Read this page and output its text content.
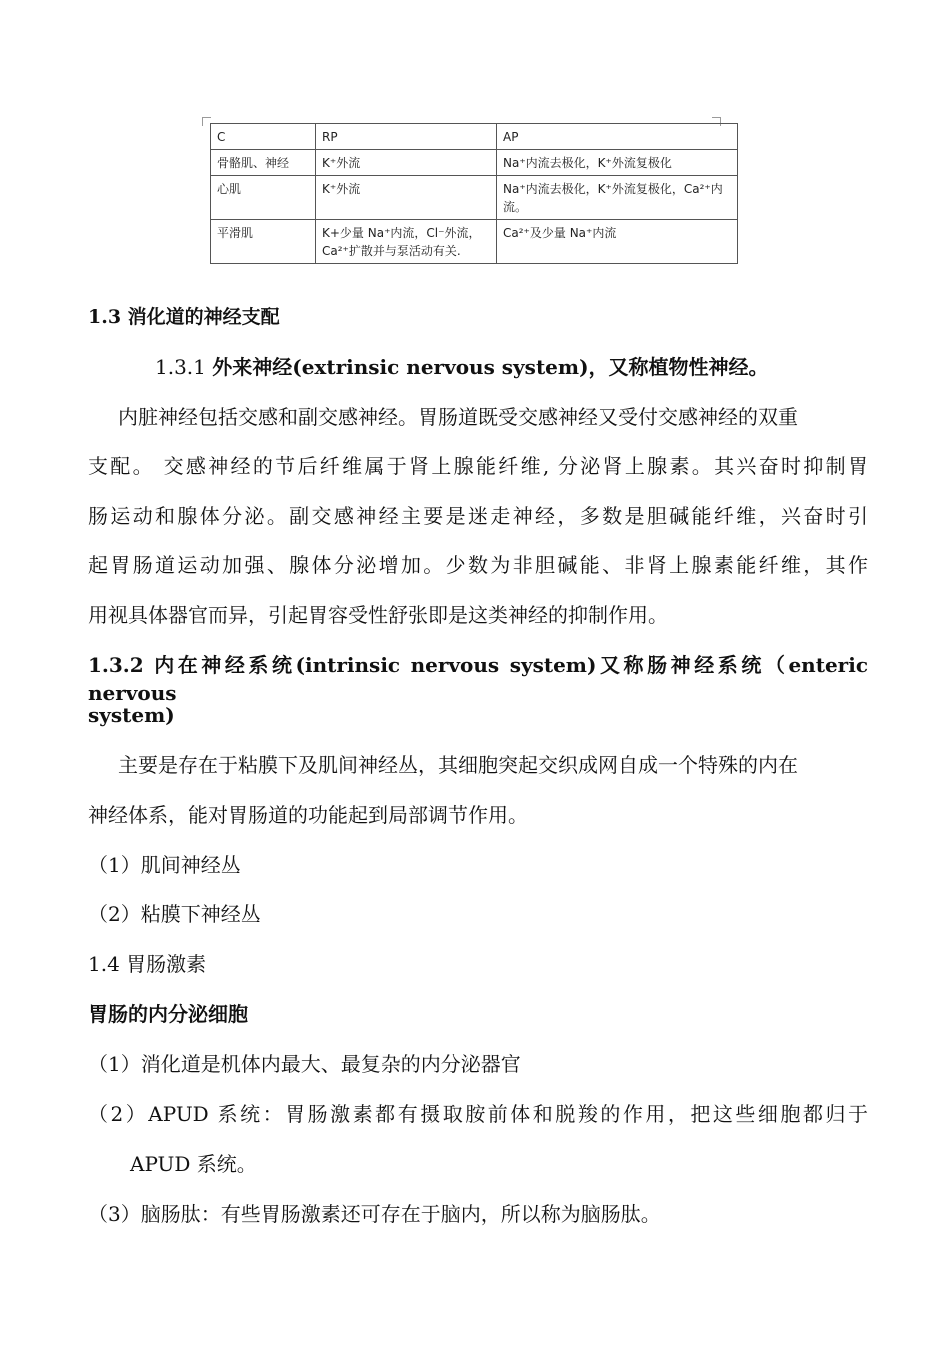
C	RP	AP
骨骼肌、神经	K⁺外流	Na⁺内流去极化，K⁺外流复极化
心肌	K⁺外流	Na⁺内流去极化，K⁺外流复极化，Ca²⁺内流。
平滑肌	K+少量 Na⁺内流，Cl⁻外流，Ca²⁺扩散并与泵活动有关.	Ca²⁺及少量 Na⁺内流
1.3 消化道的神经支配
1.3.1 外来神经(extrinsic nervous system)，又称植物性神经。
内脏神经包括交感和副交感神经。胃肠道既受交感神经又受付交感神经的双重
支配。 交感神经的节后纤维属于肾上腺能纤维, 分泌肾上腺素。其兴奋时抑制胃
肠运动和腺体分泌。副交感神经主要是迷走神经，多数是胆碱能纤维，兴奋时引
起胃肠道运动加强、腺体分泌增加。少数为非胆碱能、非肾上腺素能纤维，其作
用视具体器官而异，引起胃容受性舒张即是这类神经的抑制作用。
1.3.2 内在神经系统(intrinsic nervous system)又称肠神经系统（enteric nervous
system)
主要是存在于粘膜下及肌间神经丛，其细胞突起交织成网自成一个特殊的内在
神经体系，能对胃肠道的功能起到局部调节作用。
（1）肌间神经丛
（2）粘膜下神经丛
1.4 胃肠激素
胃肠的内分泌细胞
（1）消化道是机体内最大、最复杂的内分泌器官
（2）APUD 系统：胃肠激素都有摄取胺前体和脱羧的作用，把这些细胞都归于
APUD 系统。
（3）脑肠肽：有些胃肠激素还可存在于脑内，所以称为脑肠肽。
